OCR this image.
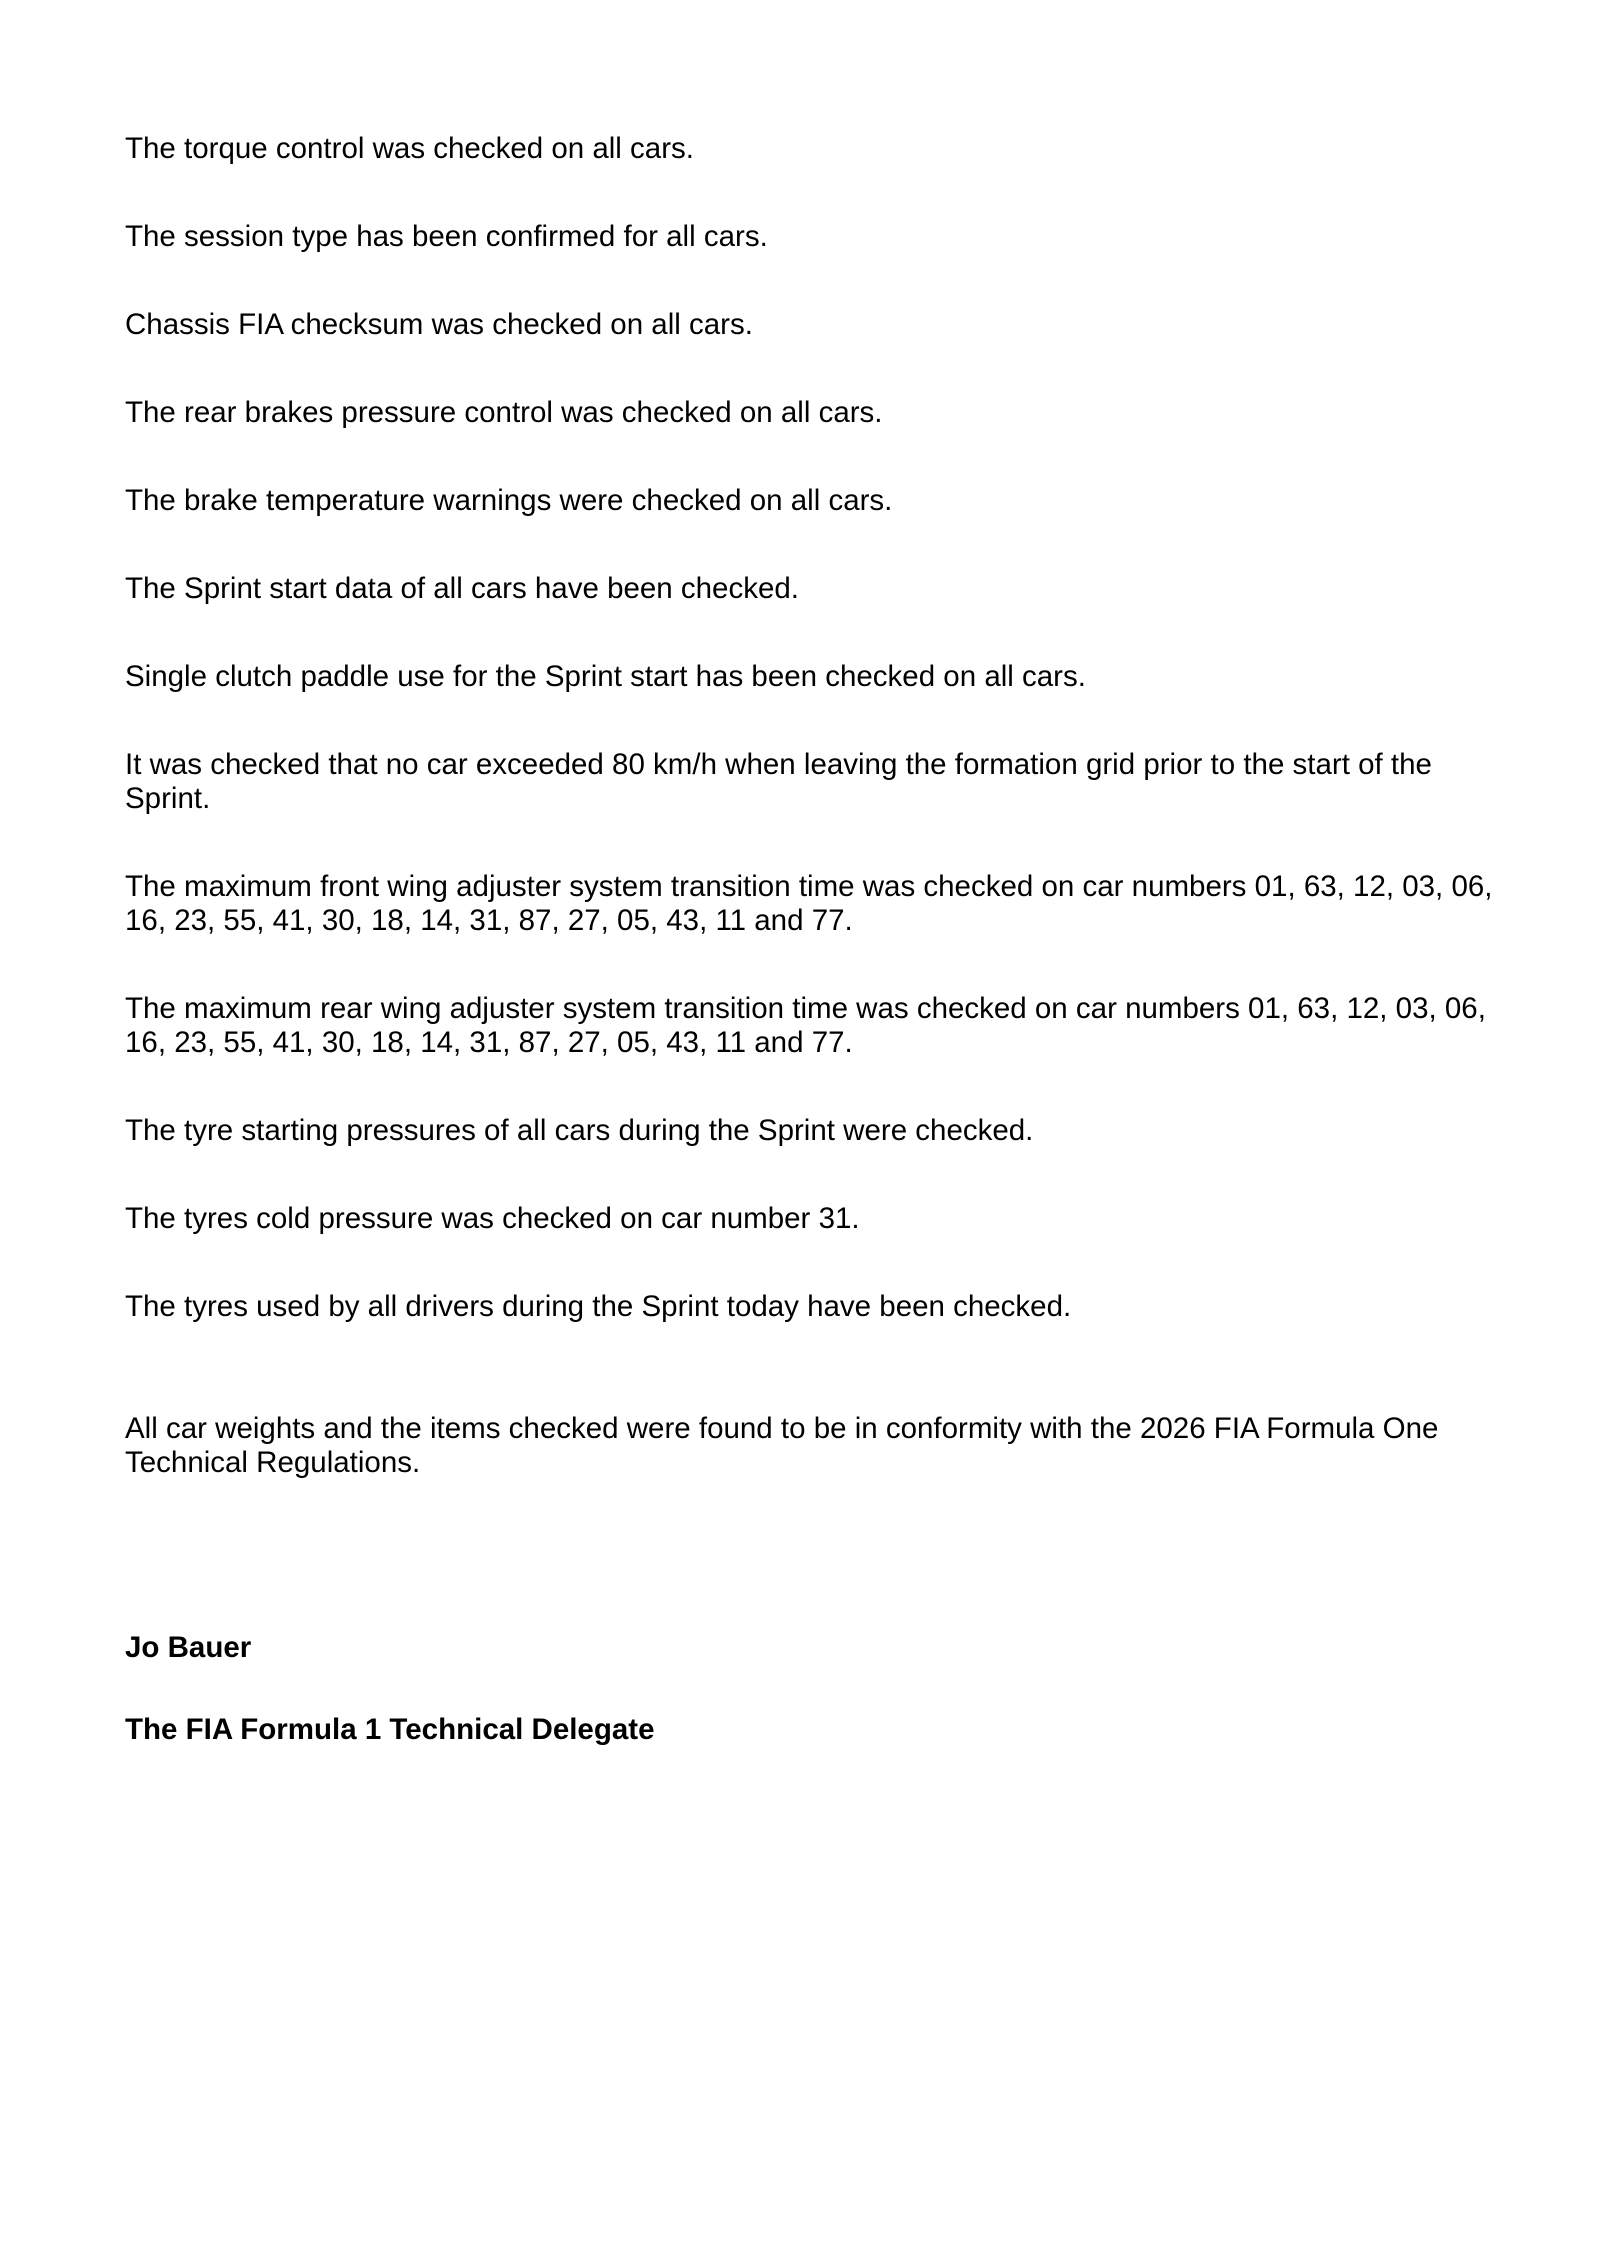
The torque control was checked on all cars.

The session type has been confirmed for all cars.

Chassis FIA checksum was checked on all cars.

The rear brakes pressure control was checked on all cars.

The brake temperature warnings were checked on all cars.

The Sprint start data of all cars have been checked.

Single clutch paddle use for the Sprint start has been checked on all cars.

It was checked that no car exceeded 80 km/h when leaving the formation grid prior to the start of the Sprint.

The maximum front wing adjuster system transition time was checked on car numbers 01, 63, 12, 03, 06, 16, 23, 55, 41, 30, 18, 14, 31, 87, 27, 05, 43, 11 and 77.

The maximum rear wing adjuster system transition time was checked on car numbers 01, 63, 12, 03, 06, 16, 23, 55, 41, 30, 18, 14, 31, 87, 27, 05, 43, 11 and 77.

The tyre starting pressures of all cars during the Sprint were checked.

The tyres cold pressure was checked on car number 31.

The tyres used by all drivers during the Sprint today have been checked.

All car weights and the items checked were found to be in conformity with the 2026 FIA Formula One Technical Regulations.

Jo Bauer

The FIA Formula 1 Technical Delegate
